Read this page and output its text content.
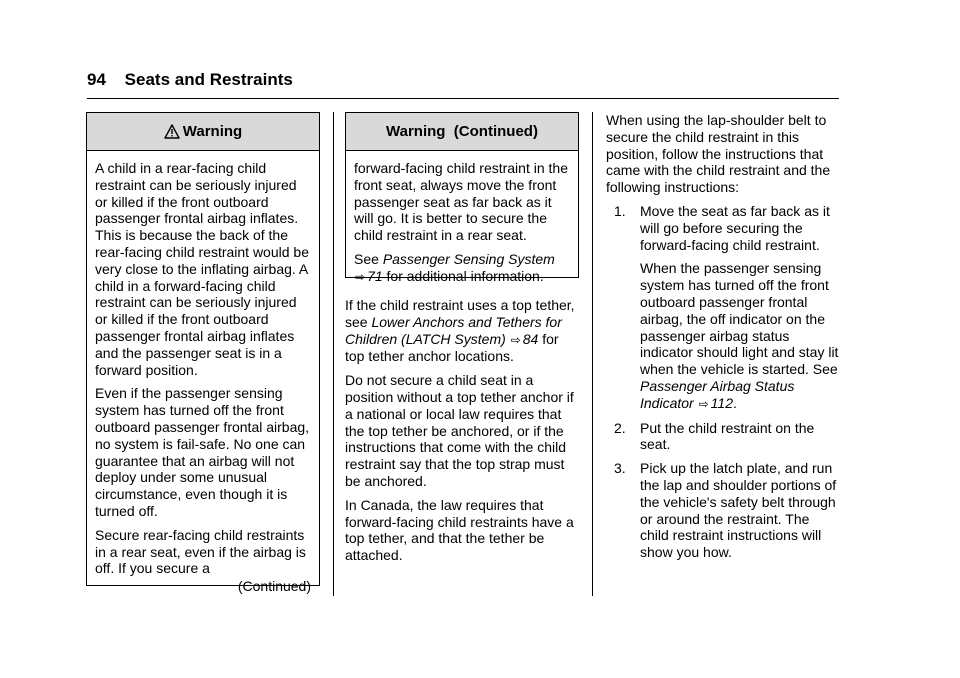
94 Seats and Restraints
Warning

A child in a rear-facing child restraint can be seriously injured or killed if the front outboard passenger frontal airbag inflates. This is because the back of the rear-facing child restraint would be very close to the inflating airbag. A child in a forward-facing child restraint can be seriously injured or killed if the front outboard passenger frontal airbag inflates and the passenger seat is in a forward position.

Even if the passenger sensing system has turned off the front outboard passenger frontal airbag, no system is fail-safe. No one can guarantee that an airbag will not deploy under some unusual circumstance, even though it is turned off.

Secure rear-facing child restraints in a rear seat, even if the airbag is off. If you secure a

(Continued)
Warning  (Continued)

forward-facing child restraint in the front seat, always move the front passenger seat as far back as it will go. It is better to secure the child restraint in a rear seat.

See Passenger Sensing System
⇨ 71 for additional information.

If the child restraint uses a top tether, see Lower Anchors and Tethers for Children (LATCH System) ⇨ 84 for top tether anchor locations.

Do not secure a child seat in a position without a top tether anchor if a national or local law requires that the top tether be anchored, or if the instructions that come with the child restraint say that the top strap must be anchored.

In Canada, the law requires that forward-facing child restraints have a top tether, and that the tether be attached.

When using the lap-shoulder belt to secure the child restraint in this position, follow the instructions that came with the child restraint and the following instructions:

1. Move the seat as far back as it will go before securing the forward-facing child restraint.

When the passenger sensing system has turned off the front outboard passenger frontal airbag, the off indicator on the passenger airbag status indicator should light and stay lit when the vehicle is started. See Passenger Airbag Status Indicator ⇨ 112.

2. Put the child restraint on the seat.

3. Pick up the latch plate, and run the lap and shoulder portions of the vehicle's safety belt through or around the restraint. The child restraint instructions will show you how.
